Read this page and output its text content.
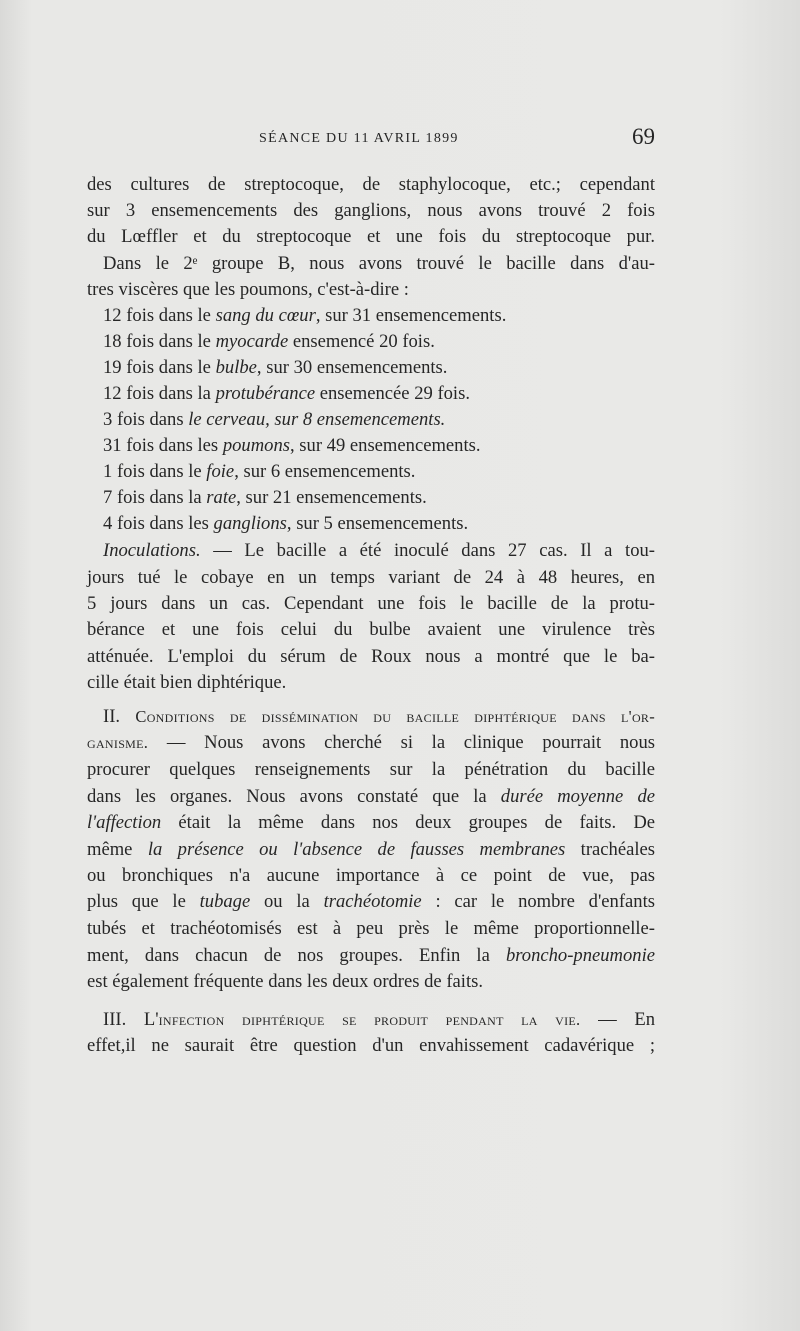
SÉANCE DU 11 AVRIL 1899	69
des cultures de streptocoque, de staphylocoque, etc.; cependant
sur 3 ensemencements des ganglions, nous avons trouvé 2 fois
du Lœffler et du streptocoque et une fois du streptocoque pur.
Dans le 2ᵉ groupe B, nous avons trouvé le bacille dans d'au-
tres viscères que les poumons, c'est-à-dire :
12 fois dans le sang du cœur, sur 31 ensemencements.
18 fois dans le myocarde ensemencé 20 fois.
19 fois dans le bulbe, sur 30 ensemencements.
12 fois dans la protubérance ensemencée 29 fois.
3 fois dans le cerveau, sur 8 ensemencements.
31 fois dans les poumons, sur 49 ensemencements.
1 fois dans le foie, sur 6 ensemencements.
7 fois dans la rate, sur 21 ensemencements.
4 fois dans les ganglions, sur 5 ensemencements.
Inoculations. — Le bacille a été inoculé dans 27 cas. Il a tou-
jours tué le cobaye en un temps variant de 24 à 48 heures, en
5 jours dans un cas. Cependant une fois le bacille de la protu-
bérance et une fois celui du bulbe avaient une virulence très
atténuée. L'emploi du sérum de Roux nous a montré que le ba-
cille était bien diphtérique.
II. Conditions de dissémination du bacille diphtérique dans l'or-
ganisme. — Nous avons cherché si la clinique pourrait nous
procurer quelques renseignements sur la pénétration du bacille
dans les organes. Nous avons constaté que la durée moyenne de
l'affection était la même dans nos deux groupes de faits. De
même la présence ou l'absence de fausses membranes trachéales
ou bronchiques n'a aucune importance à ce point de vue, pas
plus que le tubage ou la trachéotomie : car le nombre d'enfants
tubés et trachéotomisés est à peu près le même proportionnelle-
ment, dans chacun de nos groupes. Enfin la broncho-pneumonie
est également fréquente dans les deux ordres de faits.
III. L'infection diphtérique se produit pendant la vie. — En
effet,il ne saurait être question d'un envahissement cadavérique ;
